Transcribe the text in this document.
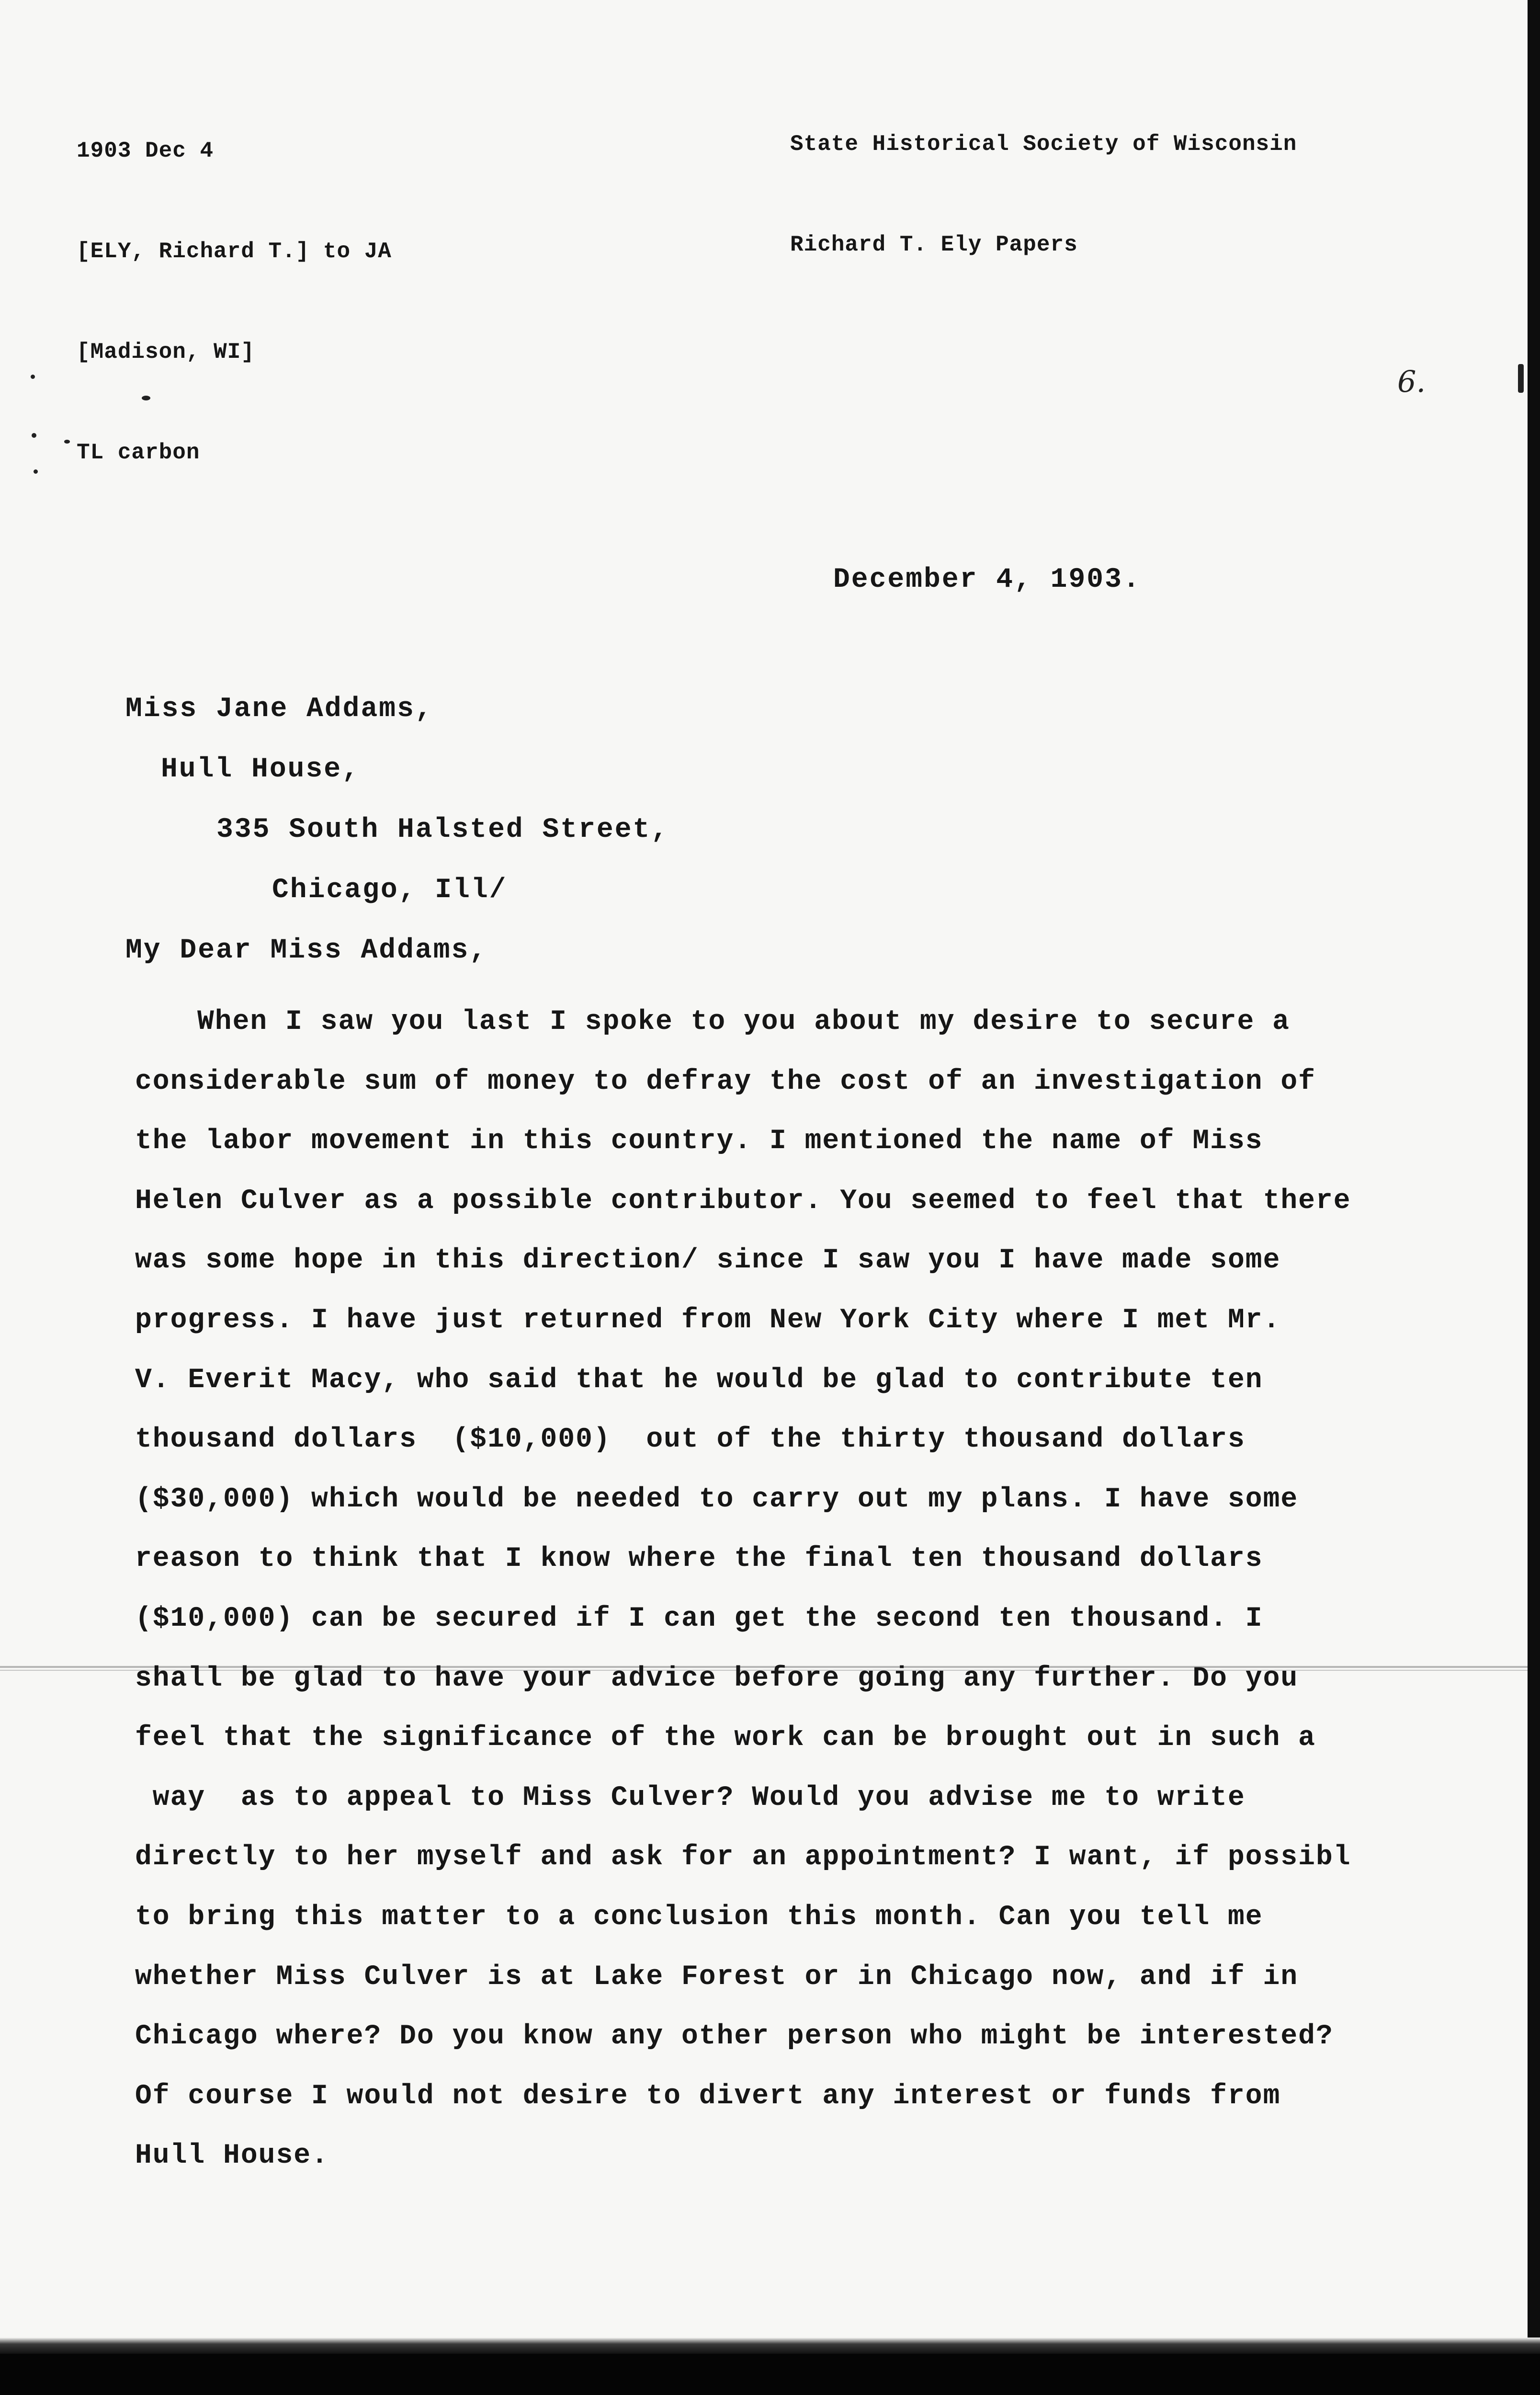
1903 Dec 4

[ELY, Richard T.] to JA

[Madison, WI]

TL carbon

State Historical Society of Wisconsin

Richard T. Ely Papers

6.
December 4, 1903.
Miss Jane Addams,
Hull House,
335 South Halsted Street,
Chicago, Ill/
My Dear Miss Addams,
When I saw you last I spoke to you about my desire to secure a
considerable sum of money to defray the cost of an investigation of
the labor movement in this country. I mentioned the name of Miss
Helen Culver as a possible contributor. You seemed to feel that there
was some hope in this direction/ since I saw you I have made some
progress. I have just returned from New York City where I met Mr.
V. Everit Macy, who said that he would be glad to contribute ten
thousand dollars  ($10,000)  out of the thirty thousand dollars
($30,000) which would be needed to carry out my plans. I have some
reason to think that I know where the final ten thousand dollars
($10,000) can be secured if I can get the second ten thousand. I
shall be glad to have your advice before going any further. Do you
feel that the significance of the work can be brought out in such a
way  as to appeal to Miss Culver? Would you advise me to write
directly to her myself and ask for an appointment? I want, if possibl
to bring this matter to a conclusion this month. Can you tell me
whether Miss Culver is at Lake Forest or in Chicago now, and if in
Chicago where? Do you know any other person who might be interested?
Of course I would not desire to divert any interest or funds from
Hull House.
